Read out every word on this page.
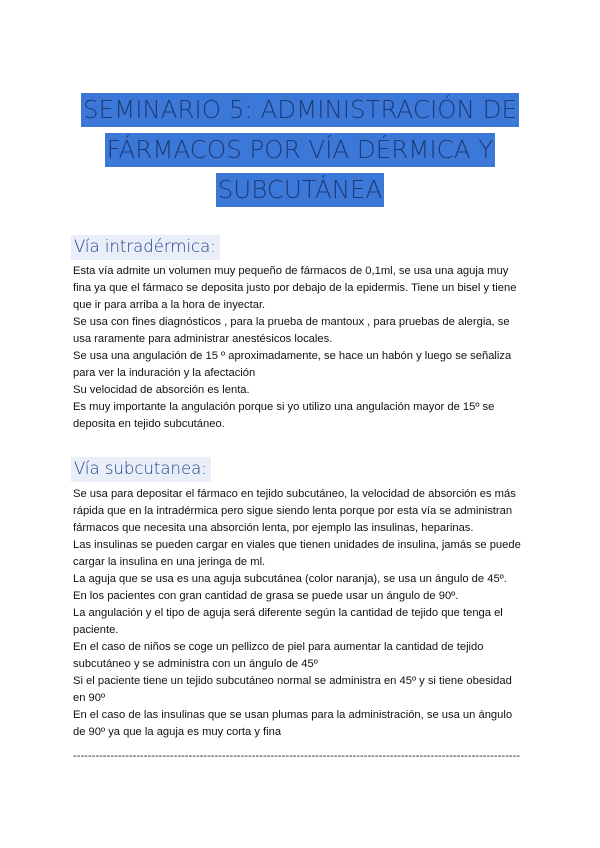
SEMINARIO 5: ADMINISTRACIÓN DE
FÁRMACOS POR VÍA DÉRMICA Y
SUBCUTÁNEA
Vía intradérmica:

Esta vía admite un volumen muy pequeño de fármacos de 0,1ml, se usa una aguja muy fina ya que el fármaco se deposita justo por debajo de la epidermis. Tiene un bisel y tiene que ir para arriba a la hora de inyectar.

Se usa con fines diagnósticos , para la prueba de mantoux , para pruebas de alergia, se usa raramente para administrar anestésicos locales.

Se usa una angulación de 15 º aproximadamente, se hace un habón y luego se señaliza para ver la induración y la afectación

Su velocidad de absorción es lenta.

Es muy importante la angulación porque si yo utilizo una angulación mayor de 15º se deposita en tejido subcutáneo.

Vía subcutanea:

Se usa para depositar el fármaco en tejido subcutáneo, la velocidad de absorción es más rápida que en la intradérmica pero sigue siendo lenta porque por esta vía se administran fármacos que necesita una absorción lenta, por ejemplo las insulinas, heparinas.

Las insulinas se pueden cargar en viales que tienen unidades de insulina, jamás se puede cargar la insulina en una jeringa de ml.

La aguja que se usa es una aguja subcutánea (color naranja), se usa un ángulo de 45º.

En los pacientes con gran cantidad de grasa se puede usar un ángulo de 90º.

La angulación y el tipo de aguja será diferente según la cantidad de tejido que tenga el paciente.

En el caso de niños se coge un pellizco de piel para aumentar la cantidad de tejido subcutáneo y se administra con un ángulo de 45º

Si el paciente tiene un tejido subcutáneo normal se administra en 45º y si tiene obesidad en 90º

En el caso de las insulinas que se usan plumas para la administración, se usa un ángulo de 90º ya que la aguja es muy corta y fina

------------------------------------------------------------------------------------------------------------------------
